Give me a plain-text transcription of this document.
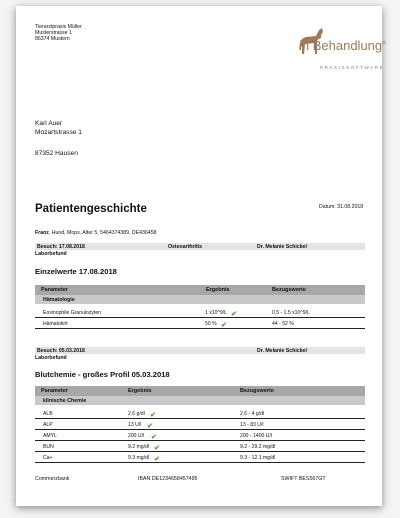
Tierarztpraxis Müller
Musterstrasse 1
86374 Mustern	in Behandlung®
PRAXISSOFTWARE
Karl Auer
Mozartstrasse 1
87352 Hausen
Patientengeschichte	Datum: 31.08.2018
Franz, Hund, Mops, Alter 5, 5464374389, DE436458
Besuch: 17.08.2018	Osteoarthritis	Dr. Melanie Schickel
Laborbefund
Einzelwerte 17.08.2018
Parameter	Ergebnis	Bezugswerte
Hämatologie
Eosinophile Granulozyten	1 x10^9/L ✔	0.5 - 1.5 x10^9/L
Hämatokrit	50 % ✔	44 - 52 %
Besuch: 05.03.2018	Dr. Melanie Schickel
Laborbefund
Blutchemie - großes Profil 05.03.2018
Parameter	Ergebnis	Bezugswerte
klinische Chemie
ALB	2.6 g/dl ✔	2.6 - 4 g/dl
ALP	13 U/l ✔	13 - 83 U/l
AMYL	200 U/l ✔	200 - 1400 U/l
BUN	9.2 mg/dl ✔	9.2 - 29.2 mg/dl
Ca+	9.3 mg/dl ✔	9.3 - 12.1 mg/dl
Commerzbank	IBAN DE1234658457495	SWIFT BES567GT
